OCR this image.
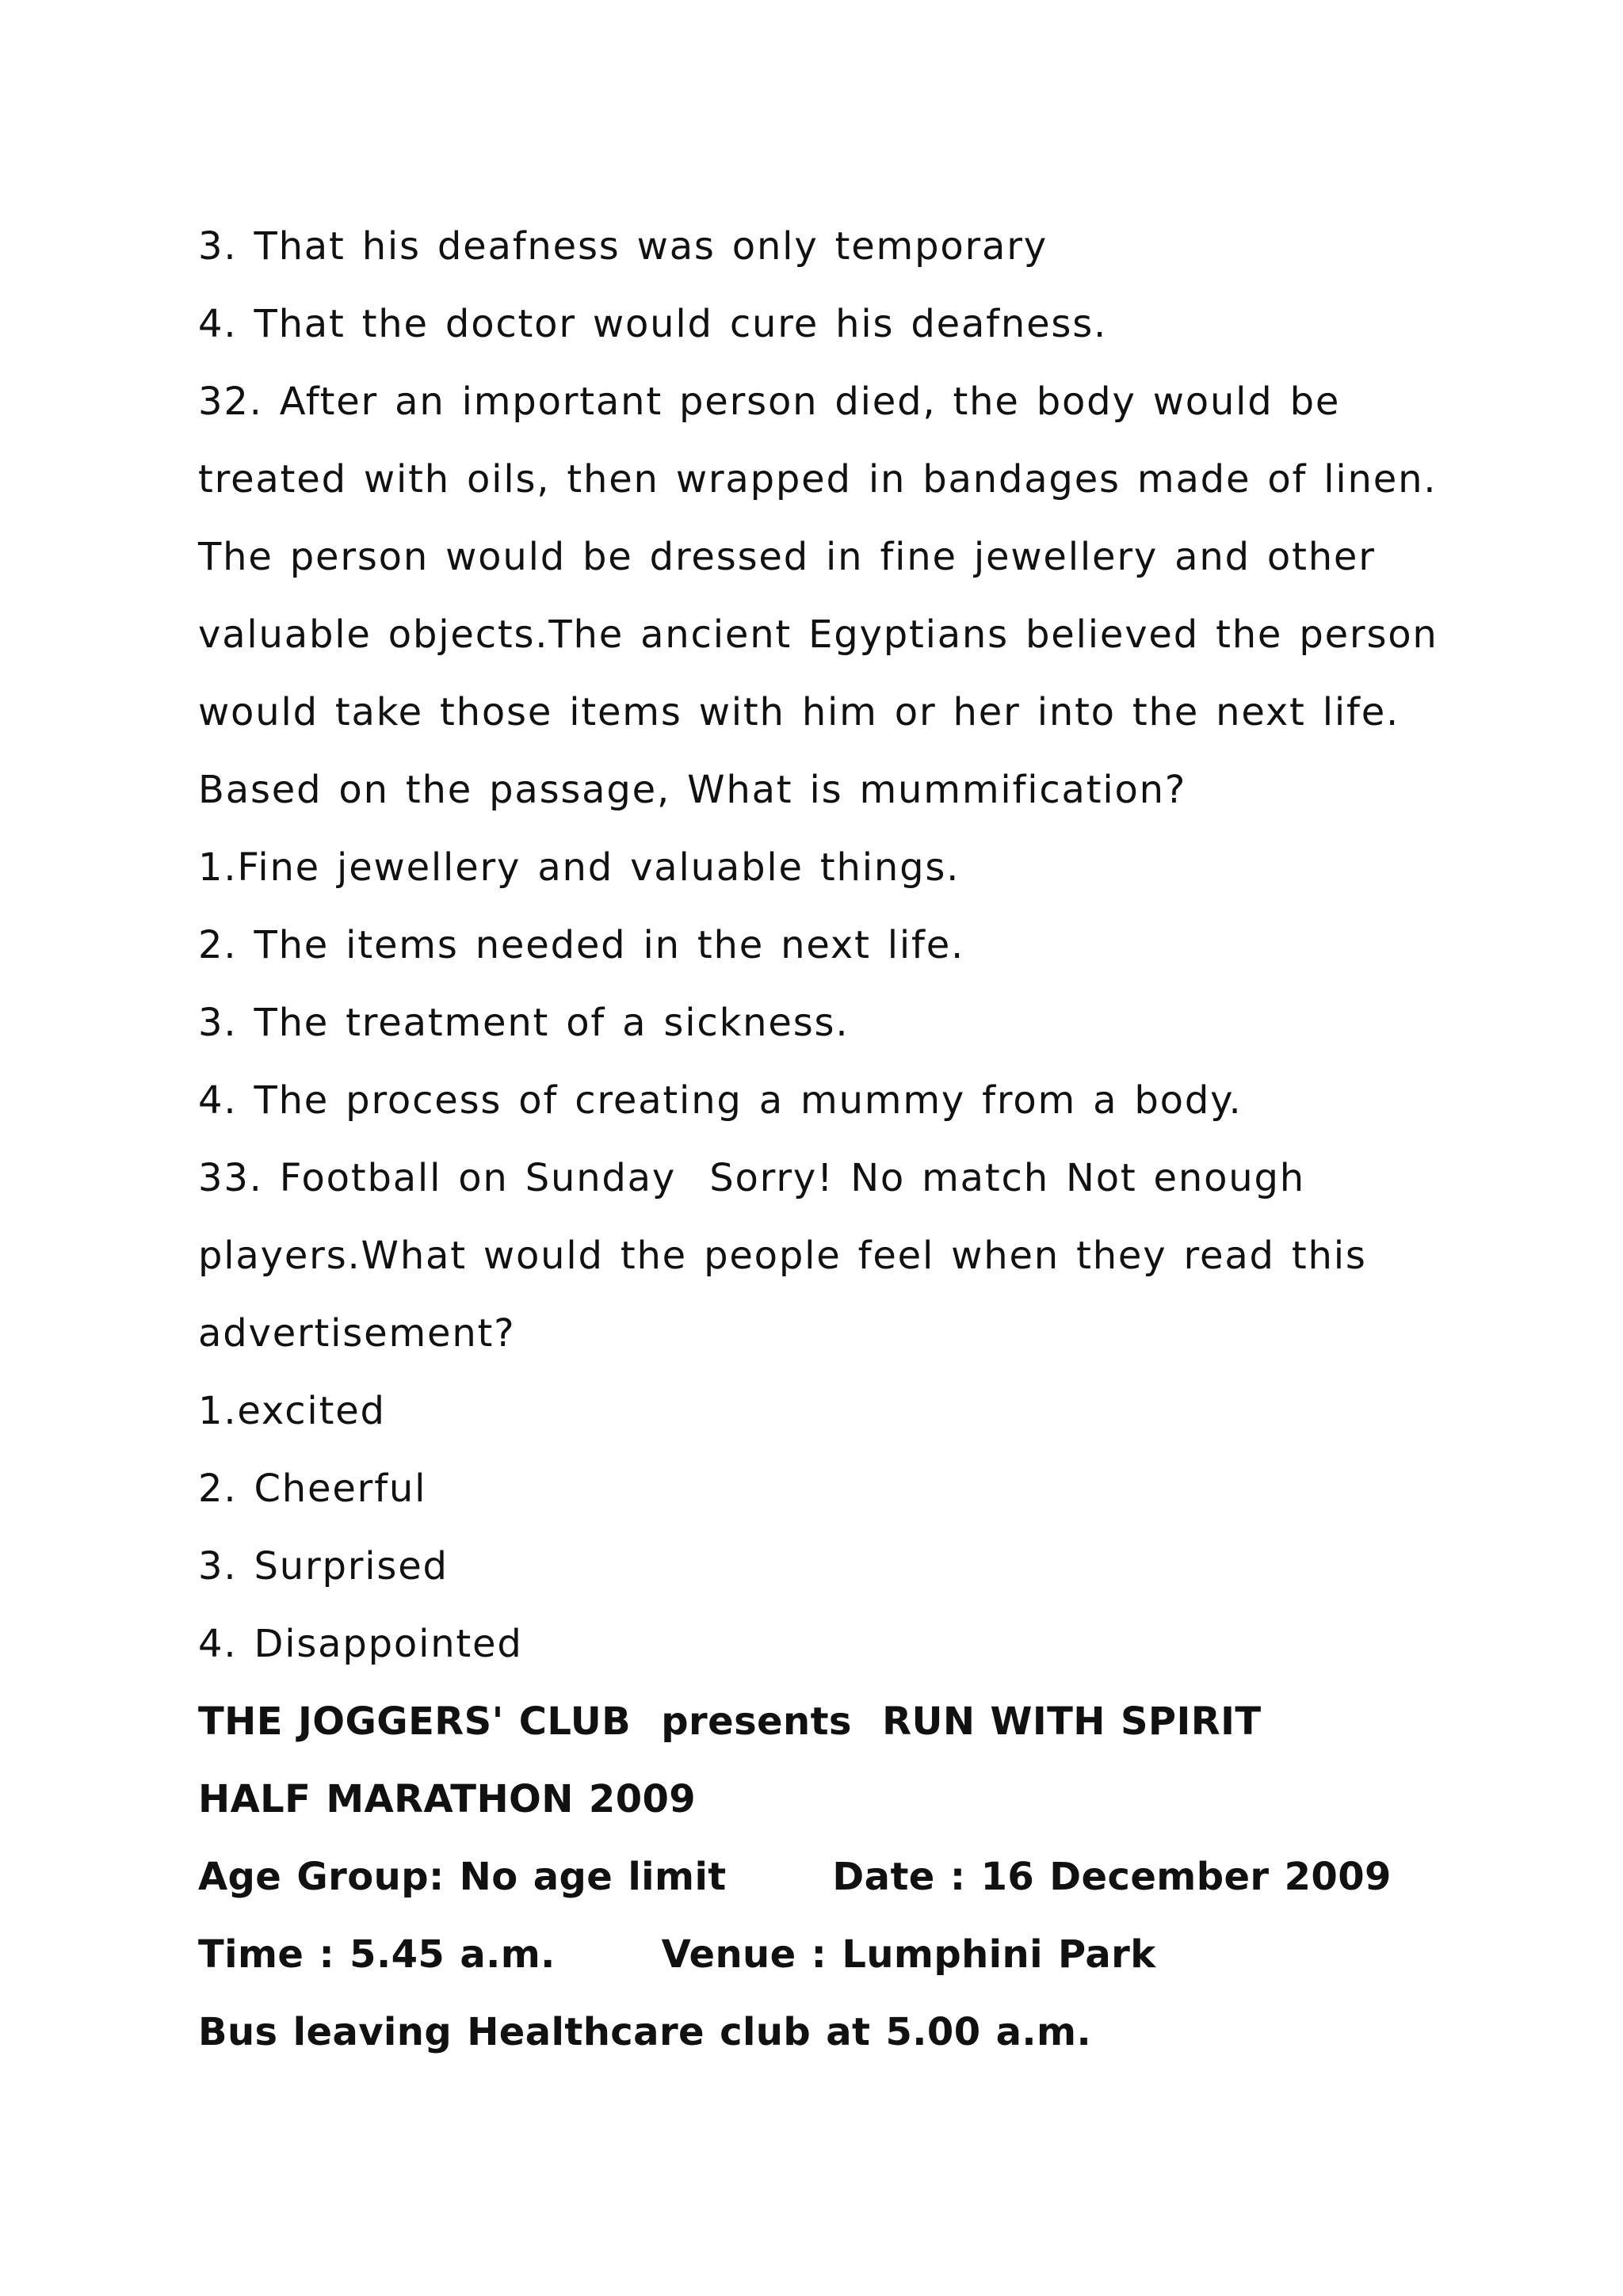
3. That his deafness was only temporary
4. That the doctor would cure his deafness.
32. After an important person died, the body would be
treated with oils, then wrapped in bandages made of linen.
The person would be dressed in fine jewellery and other
valuable objects.The ancient Egyptians believed the person
would take those items with him or her into the next life.
Based on the passage, What is mummification?
1.Fine jewellery and valuable things.
2. The items needed in the next life.
3. The treatment of a sickness.
4. The process of creating a mummy from a body.
33. Football on Sunday  Sorry! No match Not enough
players.What would the people feel when they read this
advertisement?
1.excited
2. Cheerful
3. Surprised
4. Disappointed
THE JOGGERS' CLUB  presents  RUN WITH SPIRIT
HALF MARATHON 2009
Age Group: No age limit       Date : 16 December 2009
Time : 5.45 a.m.       Venue : Lumphini Park
Bus leaving Healthcare club at 5.00 a.m.
